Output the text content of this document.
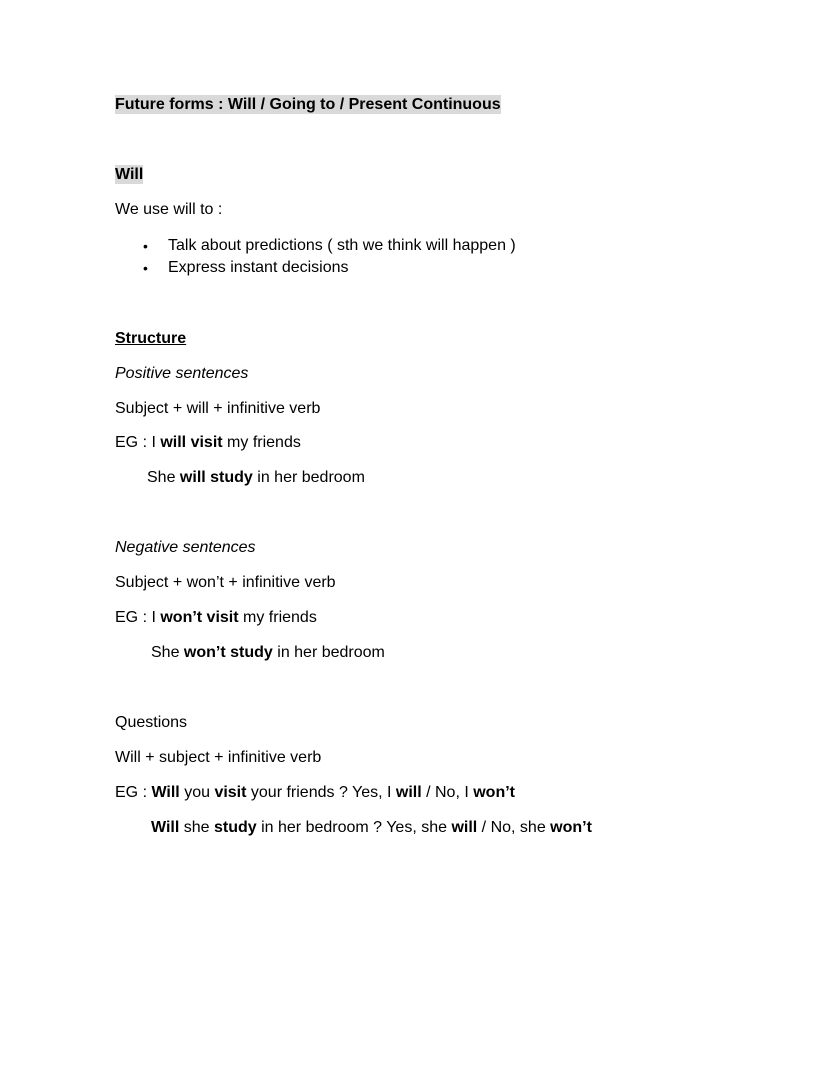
Future forms : Will / Going to / Present Continuous
Will
We use will to :
• Talk about predictions ( sth we think will happen )
• Express instant decisions
Structure
Positive sentences
Subject + will + infinitive verb
EG : I will visit my friends
She will study in her bedroom
Negative sentences
Subject + won’t + infinitive verb
EG : I won’t visit my friends
She won’t study in her bedroom
Questions
Will + subject + infinitive verb
EG : Will you visit your friends ? Yes, I will / No, I won’t
Will she study in her bedroom ? Yes, she will / No, she won’t
